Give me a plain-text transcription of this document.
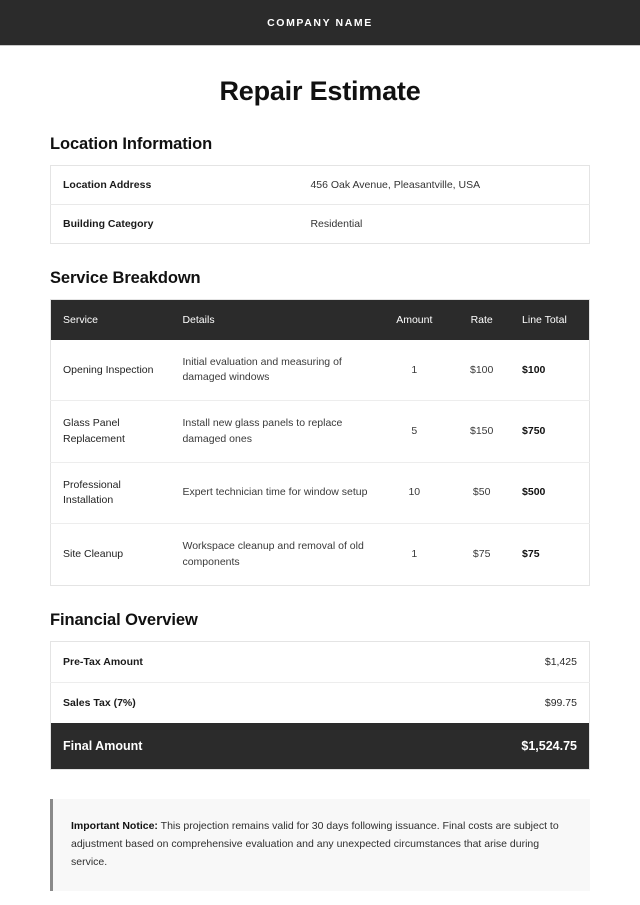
COMPANY NAME
Repair Estimate
Location Information
Location Address	456 Oak Avenue, Pleasantville, USA
Building Category	Residential
Service Breakdown
Service	Details	Amount	Rate	Line Total
Opening Inspection	Initial evaluation and measuring of damaged windows	1	$100	$100
Glass Panel Replacement	Install new glass panels to replace damaged ones	5	$150	$750
Professional Installation	Expert technician time for window setup	10	$50	$500
Site Cleanup	Workspace cleanup and removal of old components	1	$75	$75
Financial Overview
Pre-Tax Amount	$1,425
Sales Tax (7%)	$99.75
Final Amount	$1,524.75
Important Notice: This projection remains valid for 30 days following issuance. Final costs are subject to adjustment based on comprehensive evaluation and any unexpected circumstances that arise during service.
